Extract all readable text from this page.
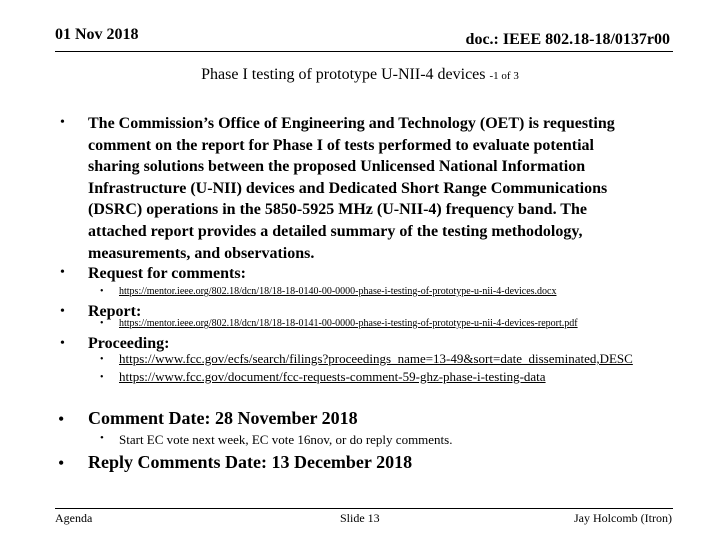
01 Nov 2018	doc.: IEEE 802.18-18/0137r00
Phase I testing of prototype U-NII-4 devices -1 of 3
• The Commission’s Office of Engineering and Technology (OET) is requesting
comment on the report for Phase I of tests performed to evaluate potential
sharing solutions between the proposed Unlicensed National Information
Infrastructure (U-NII) devices and Dedicated Short Range Communications
(DSRC) operations in the 5850-5925 MHz (U-NII-4) frequency band. The
attached report provides a detailed summary of the testing methodology,
measurements, and observations.
• Request for comments:
• https://mentor.ieee.org/802.18/dcn/18/18-18-0140-00-0000-phase-i-testing-of-prototype-u-nii-4-devices.docx
• Report:
• https://mentor.ieee.org/802.18/dcn/18/18-18-0141-00-0000-phase-i-testing-of-prototype-u-nii-4-devices-report.pdf
• Proceeding:
• https://www.fcc.gov/ecfs/search/filings?proceedings_name=13-49&sort=date_disseminated,DESC
• https://www.fcc.gov/document/fcc-requests-comment-59-ghz-phase-i-testing-data
• Comment Date: 28 November 2018
• Start EC vote next week, EC vote 16nov, or do reply comments.
• Reply Comments Date: 13 December 2018
Agenda	Slide 13	Jay Holcomb (Itron)
